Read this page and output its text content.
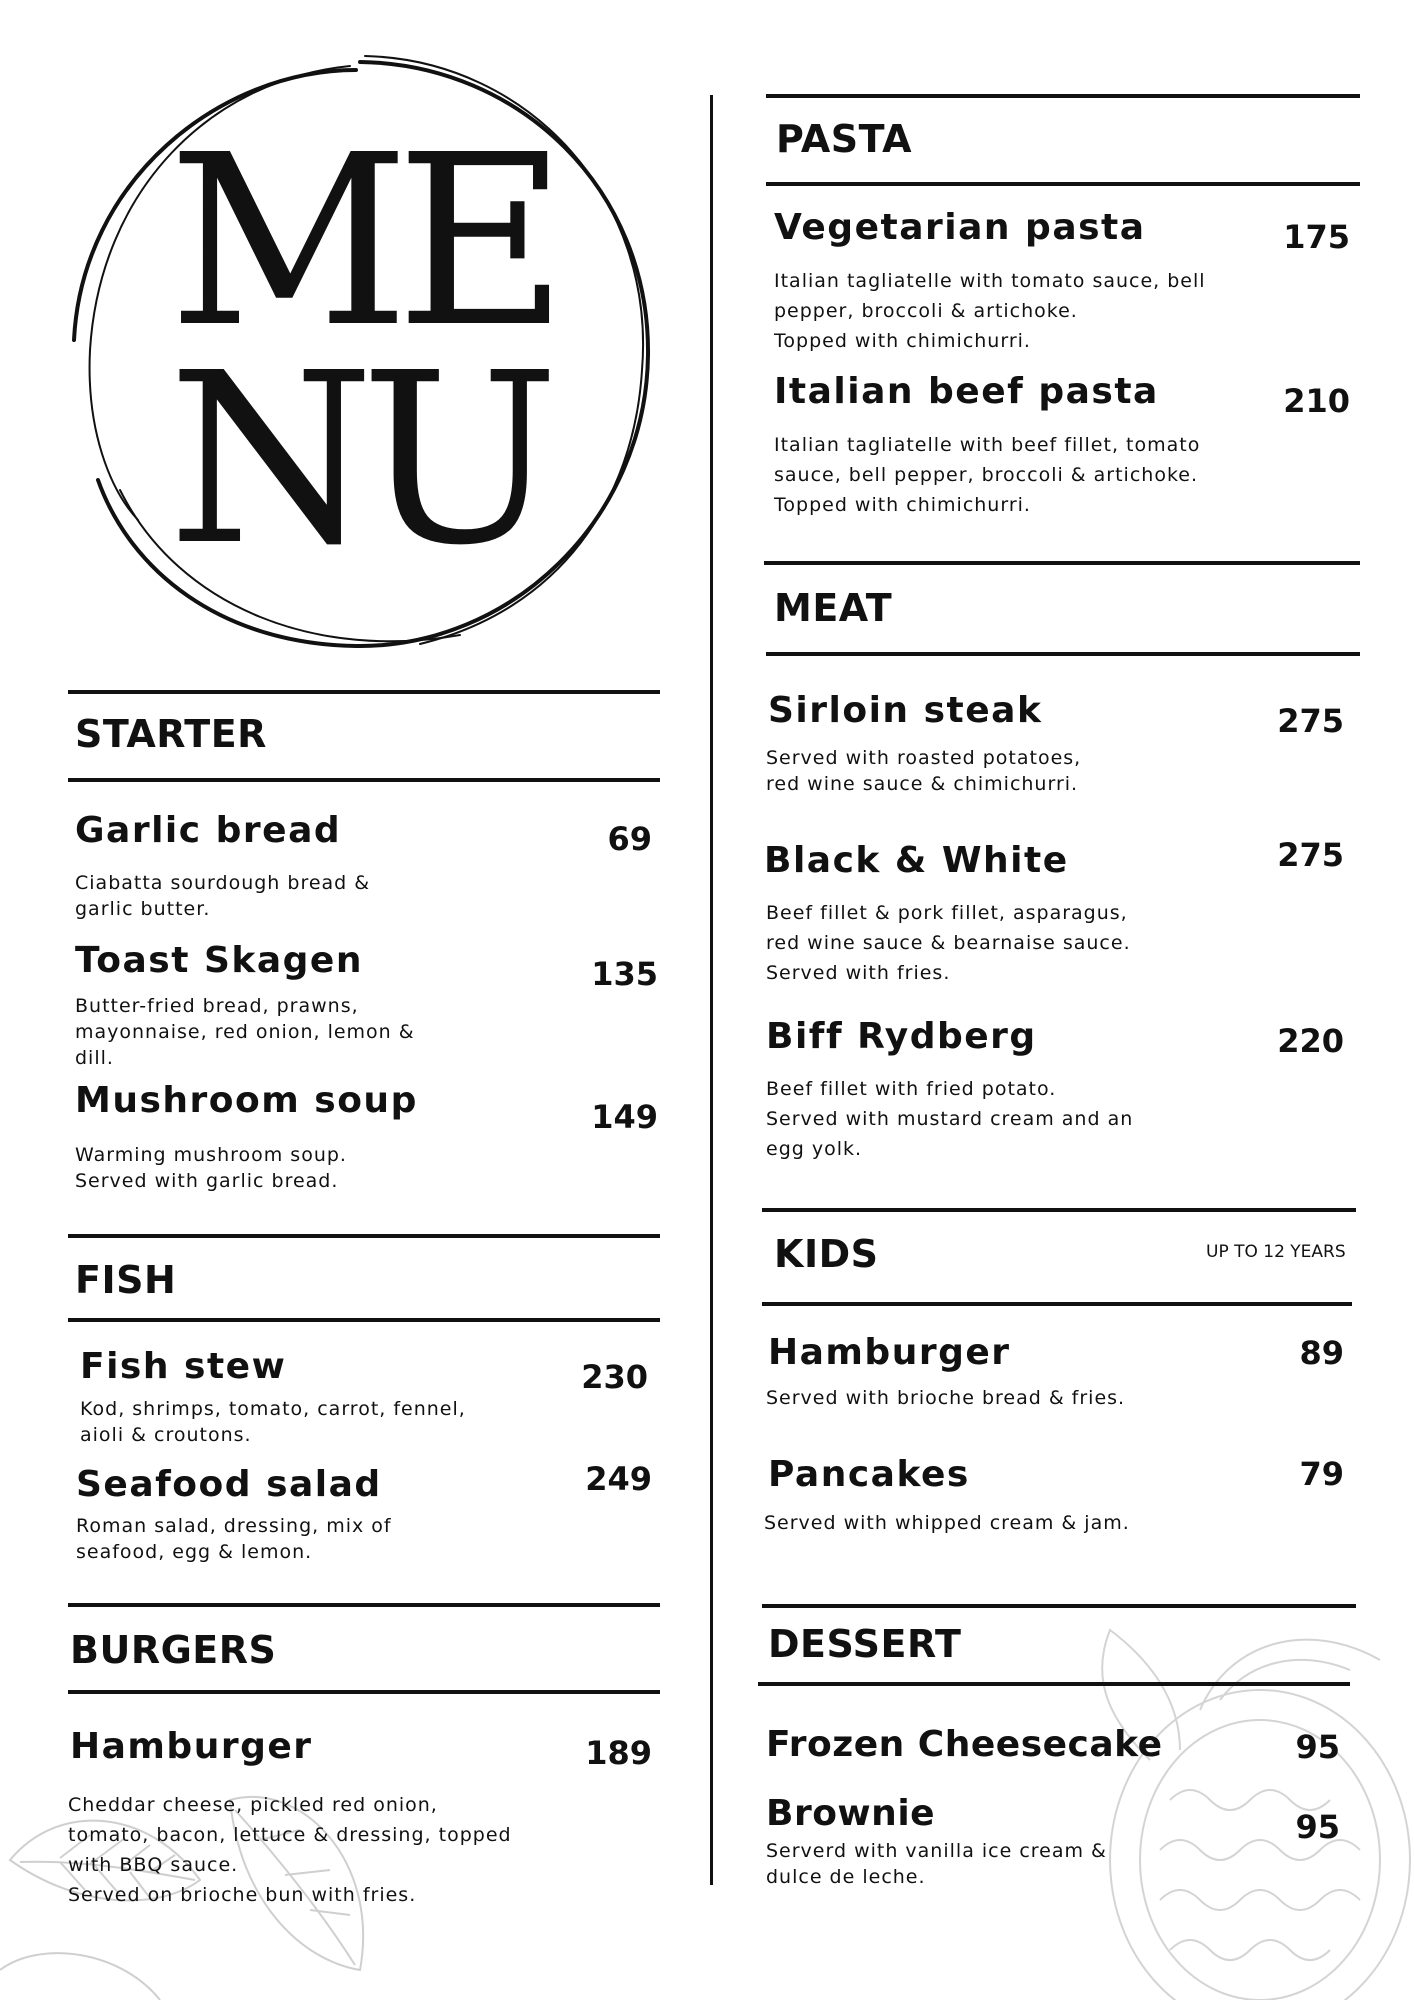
ME
NU
STARTER
Garlic bread	69
Ciabatta sourdough bread &
garlic butter.
Toast Skagen	135
Butter-fried bread, prawns,
mayonnaise, red onion, lemon &
dill.
Mushroom soup	149
Warming mushroom soup.
Served with garlic bread.
FISH
Fish stew	230
Kod, shrimps, tomato, carrot, fennel,
aioli & croutons.
Seafood salad	249
Roman salad, dressing, mix of
seafood, egg & lemon.
BURGERS
Hamburger	189
Cheddar cheese, pickled red onion,
tomato, bacon, lettuce & dressing, topped
with BBQ sauce.
Served on brioche bun with fries.
PASTA
Vegetarian pasta	175
Italian tagliatelle with tomato sauce, bell
pepper, broccoli & artichoke.
Topped with chimichurri.
Italian beef pasta	210
Italian tagliatelle with beef fillet, tomato
sauce, bell pepper, broccoli & artichoke.
Topped with chimichurri.
MEAT
Sirloin steak	275
Served with roasted potatoes,
red wine sauce & chimichurri.
Black & White	275
Beef fillet & pork fillet, asparagus,
red wine sauce & bearnaise sauce.
Served with fries.
Biff Rydberg	220
Beef fillet with fried potato.
Served with mustard cream and an
egg yolk.
KIDS	UP TO 12 YEARS
Hamburger	89
Served with brioche bread & fries.
Pancakes	79
Served with whipped cream & jam.
DESSERT
Frozen Cheesecake	95
Brownie	95
Serverd with vanilla ice cream &
dulce de leche.
